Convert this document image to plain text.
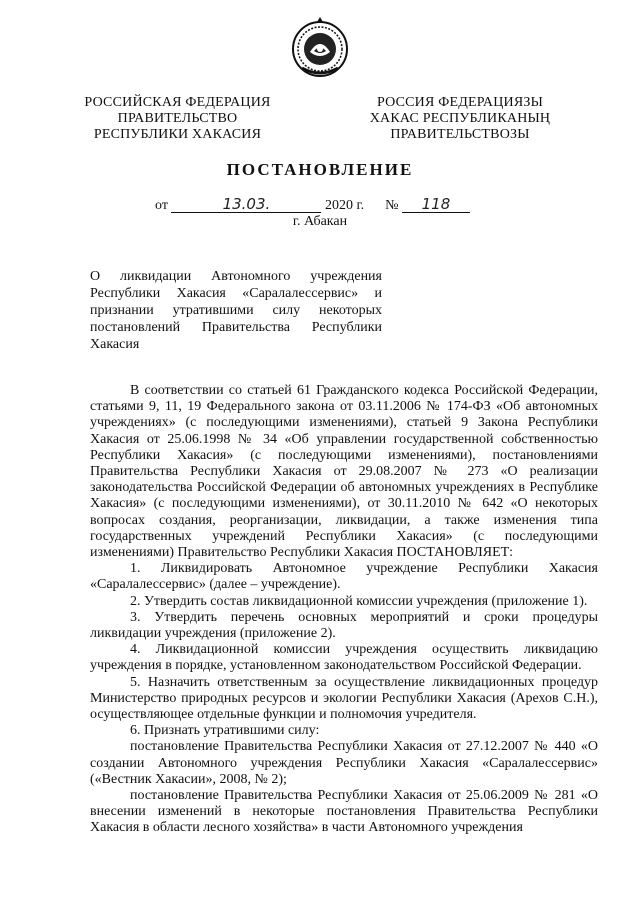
РОССИЙСКАЯ ФЕДЕРАЦИЯ
ПРАВИТЕЛЬСТВО
РЕСПУБЛИКИ ХАКАСИЯ
РОССИЯ ФЕДЕРАЦИЯЗЫ
ХАКАС РЕСПУБЛИКАНЫҢ
ПРАВИТЕЛЬСТВОЗЫ
ПОСТАНОВЛЕНИЕ
от	13.03.	2020 г. № 118
г. Абакан
О ликвидации Автономного учреждения Республики Хакасия «Саралалессервис» и признании утратившими силу некоторых постановлений Правительства Республики Хакасия

В соответствии со статьей 61 Гражданского кодекса Российской Федерации, статьями 9, 11, 19 Федерального закона от 03.11.2006 № 174-ФЗ «Об автономных учреждениях» (с последующими изменениями), статьей 9 Закона Республики Хакасия от 25.06.1998 № 34 «Об управлении государственной собственностью Республики Хакасия» (с последующими изменениями), постановлениями Правительства Республики Хакасия от 29.08.2007 № 273 «О реализации законодательства Российской Федерации об автономных учреждениях в Республике Хакасия» (с последующими изменениями), от 30.11.2010 № 642 «О некоторых вопросах создания, реорганизации, ликвидации, а также изменения типа государственных учреждений Республики Хакасия» (с последующими изменениями) Правительство Республики Хакасия ПОСТАНОВЛЯЕТ:

1. Ликвидировать Автономное учреждение Республики Хакасия «Саралалессервис» (далее – учреждение).

2. Утвердить состав ликвидационной комиссии учреждения (приложение 1).

3. Утвердить перечень основных мероприятий и сроки процедуры ликвидации учреждения (приложение 2).

4. Ликвидационной комиссии учреждения осуществить ликвидацию учреждения в порядке, установленном законодательством Российской Федерации.

5. Назначить ответственным за осуществление ликвидационных процедур Министерство природных ресурсов и экологии Республики Хакасия (Арехов С.Н.), осуществляющее отдельные функции и полномочия учредителя.

6. Признать утратившими силу:

постановление Правительства Республики Хакасия от 27.12.2007 № 440 «О создании Автономного учреждения Республики Хакасия «Саралалессервис» («Вестник Хакасии», 2008, № 2);

постановление Правительства Республики Хакасия от 25.06.2009 № 281 «О внесении изменений в некоторые постановления Правительства Республики Хакасия в области лесного хозяйства» в части Автономного учреждения
